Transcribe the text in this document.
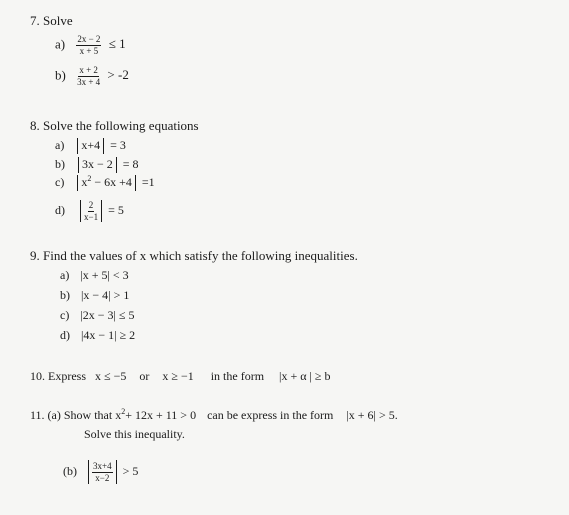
7. Solve
$a) \frac{2x - 2}{x + 5} \le 1$
$b) \frac{x + 2}{3x + 4} > -2$
8. Solve the following equations
a) x+4 = 3
b) 3x − 2 = 8
c) $x^2 - 6x +4 =1$
$d) \frac{2}{x-1} = 5$
9. Find the values of x which satisfy the following inequalities.
a) |x + 5| < 3
b) |x − 4| > 1
c) |2x − 3| ≤ 5
d) |4x − 1| ≥ 2
10. Express x ≤ −5 or x ≥ −1 in the form |x + α | ≥ b
11. (a) Show that $x^2+ 12x + 11 > 0$ can be express in the form |x + 6| > 5.
Solve this inequality.
$(b) \frac{3x+4}{x-2} > 5$
